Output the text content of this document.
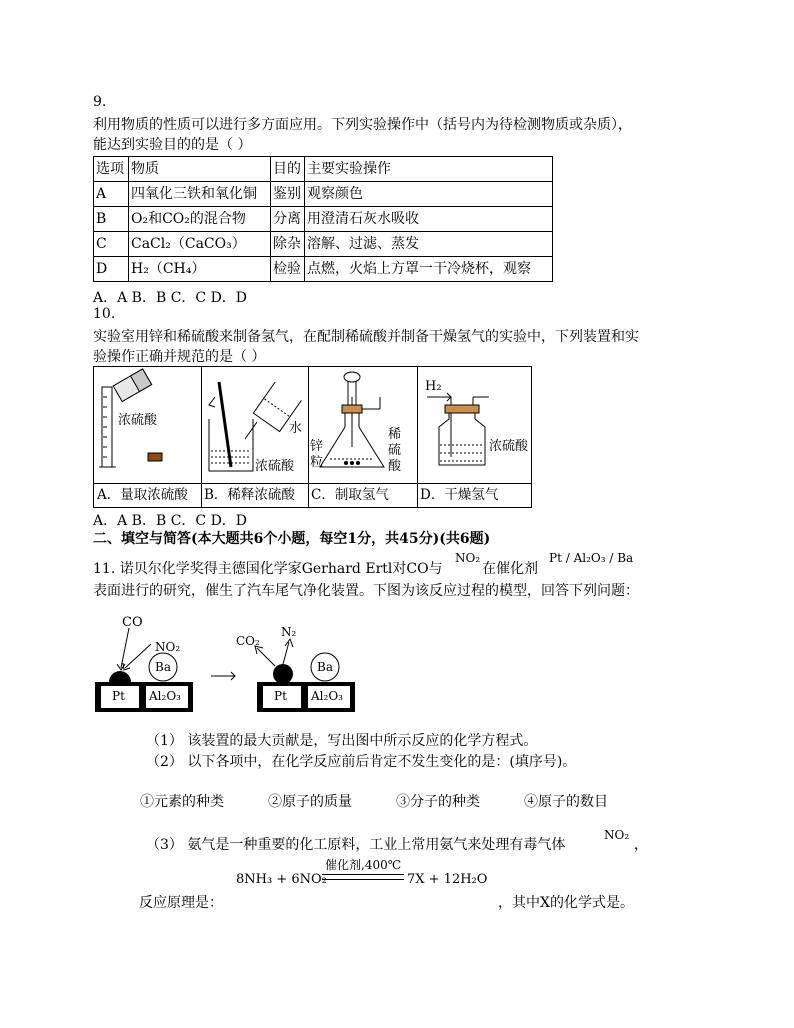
9.
利用物质的性质可以进行多方面应用。下列实验操作中（括号内为待检测物质或杂质），
能达到实验目的的是（ ）
选项	物质	目的	主要实验操作
A	四氧化三铁和氧化铜	鉴别	观察颜色
B	O₂和CO₂的混合物	分离	用澄清石灰水吸收
C	CaCl₂（CaCO₃）	除杂	溶解、过滤、蒸发
D	H₂（CH₄）	检验	点燃，火焰上方罩一干冷烧杯，观察
A．A B．B C．C D．D
10.
实验室用锌和稀硫酸来制备氢气，在配制稀硫酸并制备干燥氢气的实验中，下列装置和实
验操作正确并规范的是（ ）
浓硫酸
A．量取浓硫酸
水
浓硫酸
B．稀释浓硫酸
锌粒
稀硫酸
C．制取氢气
H₂
浓硫酸
D．干燥氢气
A．A B．B C．C D．D
二、填空与简答(本大题共6个小题，每空1分，共45分)(共6题)
11. 诺贝尔化学奖得主德国化学家Gerhard Ertl对CO与
NO₂
在催化剂
Pt / Al₂O₃ / Ba
表面进行的研究，催生了汽车尾气净化装置。下图为该反应过程的模型，回答下列问题：
CO
NO₂
Ba
Pt Al₂O₃
CO₂
N₂
Ba
Pt Al₂O₃
（1） 该装置的最大贡献是，写出图中所示反应的化学方程式。
（2） 以下各项中，在化学反应前后肯定不发生变化的是：(填序号)。
①元素的种类	②原子的质量	③分子的种类	④原子的数目
（3） 氨气是一种重要的化工原料，工业上常用氨气来处理有毒气体
NO₂
，
8NH₃ + 6NO₂
催化剂,400℃
7X + 12H₂O
反应原理是：	，其中X的化学式是。
